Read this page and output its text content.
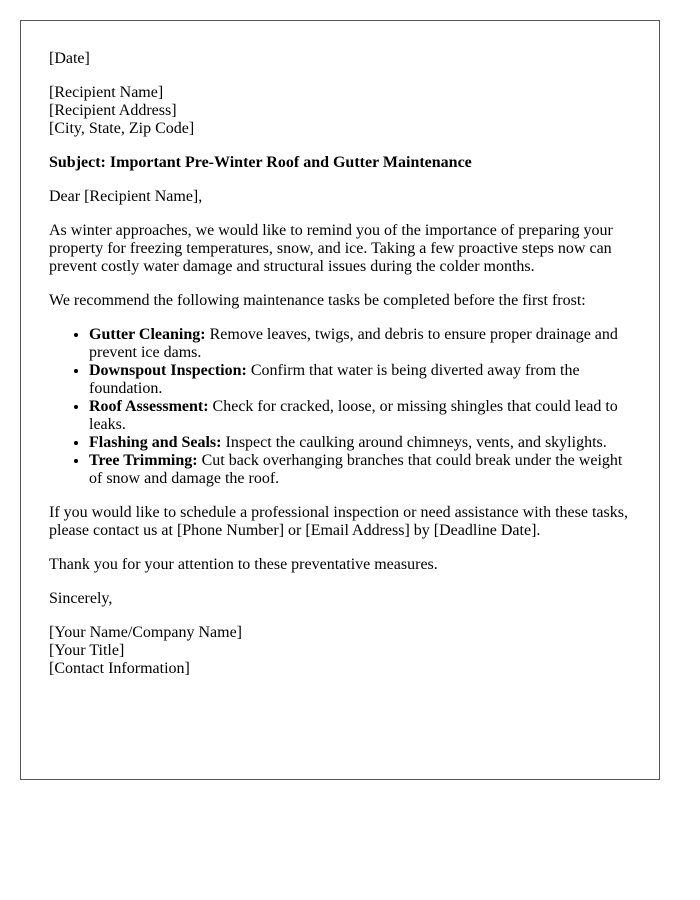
[Date]

[Recipient Name]
[Recipient Address]
[City, State, Zip Code]

Subject: Important Pre-Winter Roof and Gutter Maintenance

Dear [Recipient Name],

As winter approaches, we would like to remind you of the importance of preparing your property for freezing temperatures, snow, and ice. Taking a few proactive steps now can prevent costly water damage and structural issues during the colder months.

We recommend the following maintenance tasks be completed before the first frost:

• Gutter Cleaning: Remove leaves, twigs, and debris to ensure proper drainage and prevent ice dams.
• Downspout Inspection: Confirm that water is being diverted away from the foundation.
• Roof Assessment: Check for cracked, loose, or missing shingles that could lead to leaks.
• Flashing and Seals: Inspect the caulking around chimneys, vents, and skylights.
• Tree Trimming: Cut back overhanging branches that could break under the weight of snow and damage the roof.

If you would like to schedule a professional inspection or need assistance with these tasks, please contact us at [Phone Number] or [Email Address] by [Deadline Date].

Thank you for your attention to these preventative measures.

Sincerely,

[Your Name/Company Name]
[Your Title]
[Contact Information]
